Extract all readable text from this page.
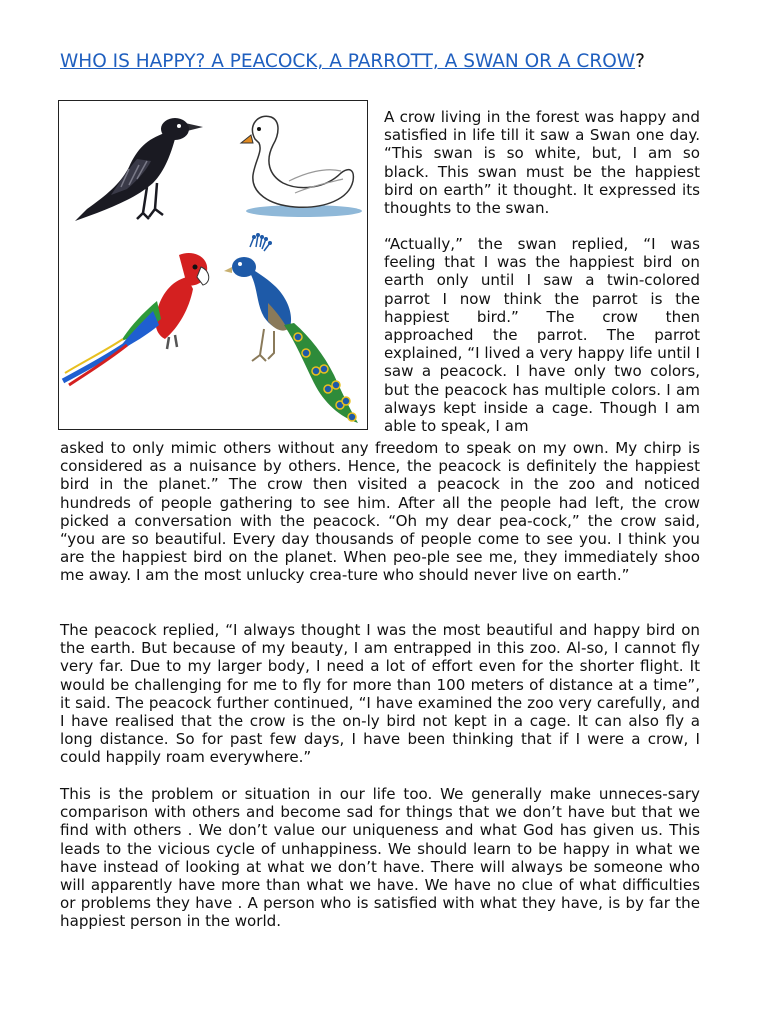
WHO IS HAPPY? A PEACOCK, A PARROTT, A SWAN OR A CROW?

A crow living in the forest was happy and satisfied in life till it saw a Swan one day. “This swan is so white, but, I am so black. This swan must be the happiest bird on earth” it thought. It expressed its thoughts to the swan.

“Actually,” the swan replied, “I was feeling that I was the happiest bird on earth only until I saw a twin-colored parrot I now think the parrot is the happiest bird.” The crow then approached the parrot. The parrot explained, “I lived a very happy life until I saw a peacock. I have only two colors, but the peacock has multiple colors. I am always kept inside a cage. Though I am able to speak, I am

asked to only mimic others without any freedom to speak on my own. My chirp is considered as a nuisance by others. Hence, the peacock is definitely the happiest bird in the planet.” The crow then visited a peacock in the zoo and noticed hundreds of people gathering to see him. After all the people had left, the crow picked a conversation with the peacock. “Oh my dear pea-cock,” the crow said, “you are so beautiful. Every day thousands of people come to see you. I think you are the happiest bird on the planet. When peo-ple see me, they immediately shoo me away. I am the most unlucky crea-ture who should never live on earth.”

The peacock replied, “I always thought I was the most beautiful and happy bird on the earth. But because of my beauty, I am entrapped in this zoo. Al-so, I cannot fly very far. Due to my larger body, I need a lot of effort even for the shorter flight. It would be challenging for me to fly for more than 100 meters of distance at a time”, it said. The peacock further continued, “I have examined the zoo very carefully, and I have realised that the crow is the on-ly bird not kept in a cage. It can also fly a long distance. So for past few days, I have been thinking that if I were a crow, I could happily roam everywhere.”

This is the problem or situation in our life too. We generally make unneces-sary comparison with others and become sad for things that we don’t have but that we find with others . We don’t value our uniqueness and what God has given us. This leads to the vicious cycle of unhappiness. We should learn to be happy in what we have instead of looking at what we don’t have. There will always be someone who will apparently have more than what we have. We have no clue of what difficulties or problems they have . A person who is satisfied with what they have, is by far the happiest person in the world.
